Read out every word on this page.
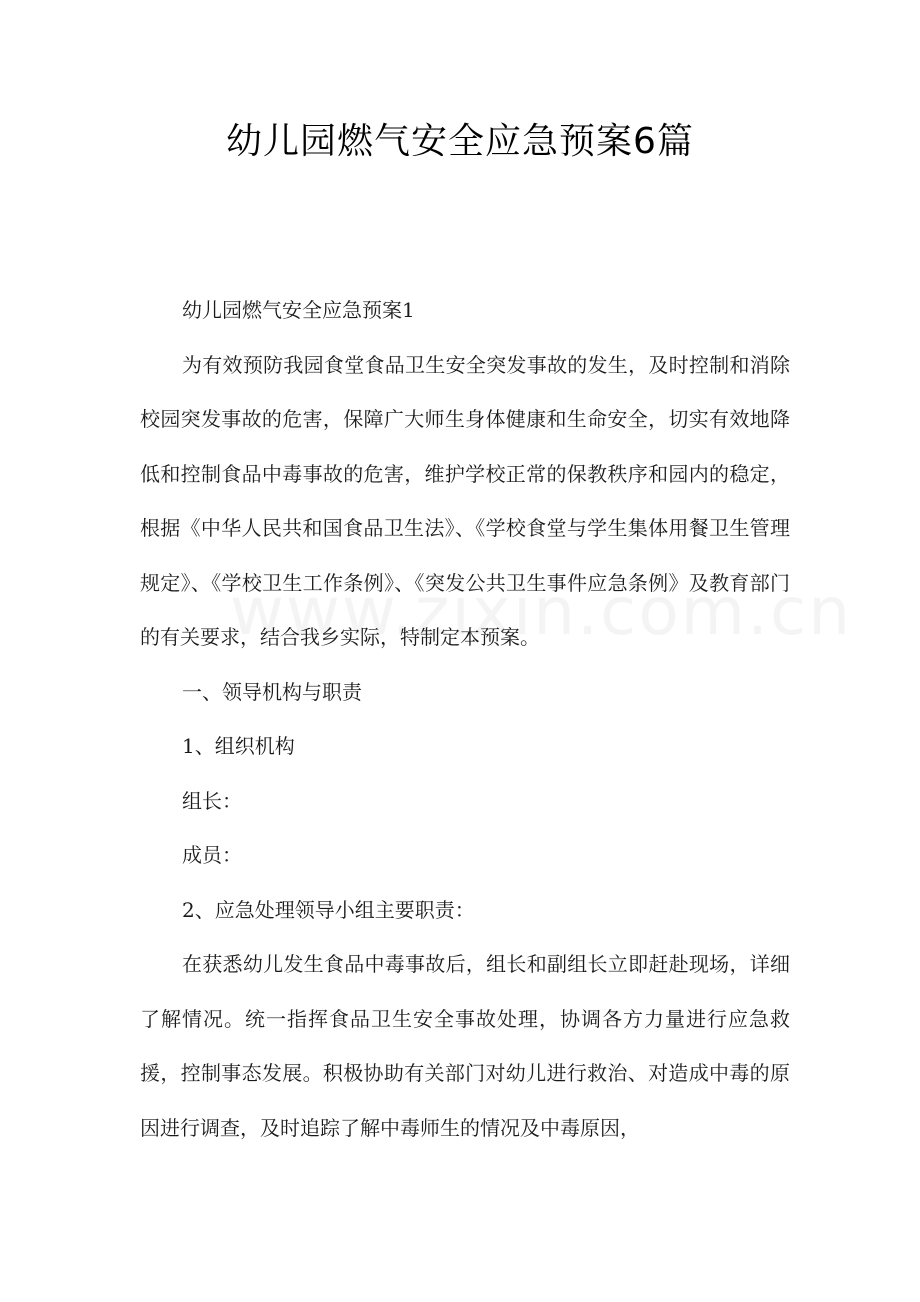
幼儿园燃气安全应急预案6篇

幼儿园燃气安全应急预案1

为有效预防我园食堂食品卫生安全突发事故的发生，及时控制和消除校园突发事故的危害，保障广大师生身体健康和生命安全，切实有效地降低和控制食品中毒事故的危害，维护学校正常的保教秩序和园内的稳定，根据《中华人民共和国食品卫生法》、《学校食堂与学生集体用餐卫生管理规定》、《学校卫生工作条例》、《突发公共卫生事件应急条例》及教育部门的有关要求，结合我乡实际，特制定本预案。

一、领导机构与职责

1、组织机构

组长：

成员：

2、应急处理领导小组主要职责：

在获悉幼儿发生食品中毒事故后，组长和副组长立即赶赴现场，详细了解情况。统一指挥食品卫生安全事故处理，协调各方力量进行应急救援，控制事态发展。积极协助有关部门对幼儿进行救治、对造成中毒的原因进行调查，及时追踪了解中毒师生的情况及中毒原因，
